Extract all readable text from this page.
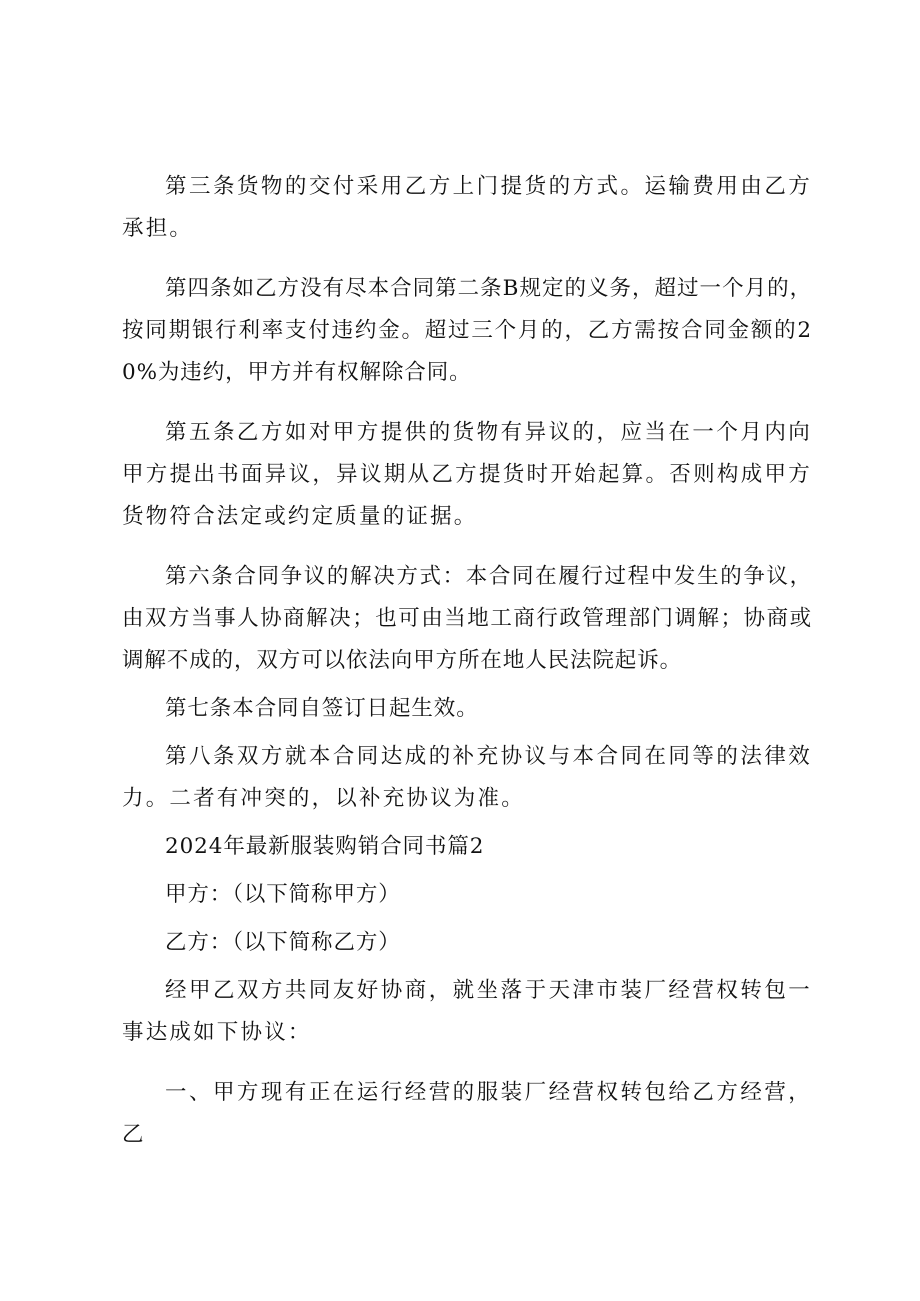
第三条货物的交付采用乙方上门提货的方式。运输费用由乙方承担。

第四条如乙方没有尽本合同第二条B规定的义务，超过一个月的，按同期银行利率支付违约金。超过三个月的，乙方需按合同金额的20%为违约，甲方并有权解除合同。

第五条乙方如对甲方提供的货物有异议的，应当在一个月内向甲方提出书面异议，异议期从乙方提货时开始起算。否则构成甲方货物符合法定或约定质量的证据。

第六条合同争议的解决方式：本合同在履行过程中发生的争议，由双方当事人协商解决；也可由当地工商行政管理部门调解；协商或调解不成的，双方可以依法向甲方所在地人民法院起诉。

第七条本合同自签订日起生效。

第八条双方就本合同达成的补充协议与本合同在同等的法律效力。二者有冲突的，以补充协议为准。

2024年最新服装购销合同书篇2

甲方：（以下简称甲方）

乙方：（以下简称乙方）

经甲乙双方共同友好协商，就坐落于天津市装厂经营权转包一事达成如下协议：

一、甲方现有正在运行经营的服装厂经营权转包给乙方经营，乙
